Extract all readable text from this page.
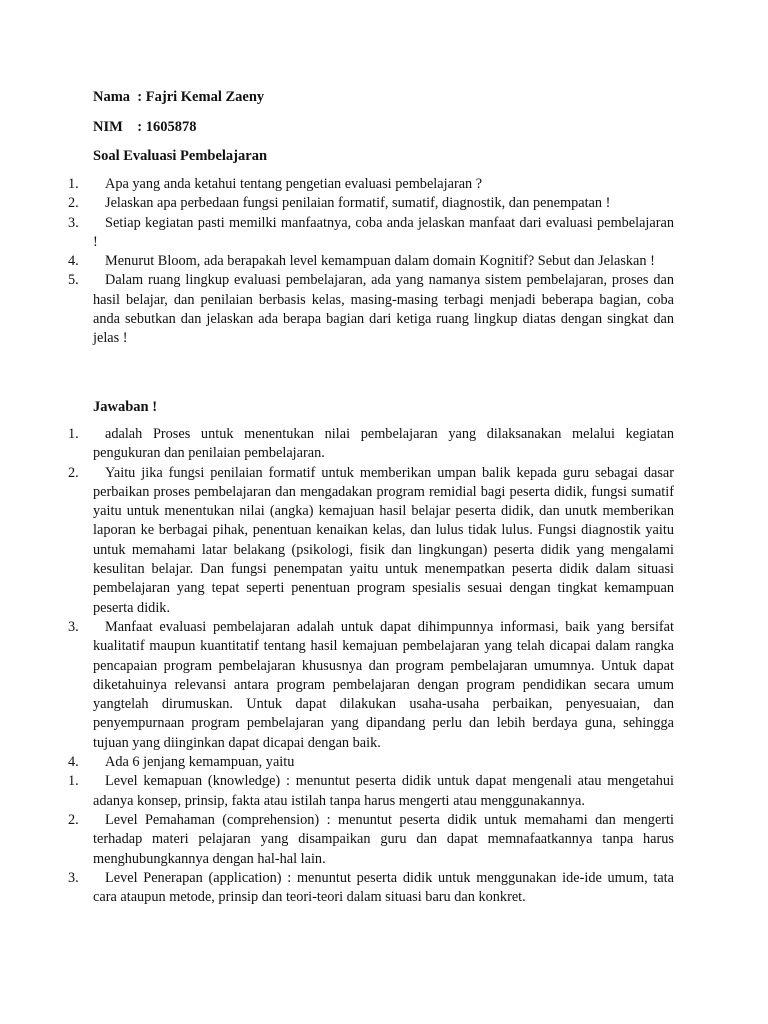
Nama  : Fajri Kemal Zaeny
NIM    : 1605878
Soal Evaluasi Pembelajaran
1.	Apa yang anda ketahui tentang pengetian evaluasi pembelajaran ?
2.	Jelaskan apa perbedaan fungsi penilaian formatif, sumatif, diagnostik, dan penempatan !
3.	Setiap kegiatan pasti memilki manfaatnya, coba anda jelaskan manfaat dari evaluasi pembelajaran !
4.	Menurut Bloom, ada berapakah level kemampuan dalam domain Kognitif? Sebut dan Jelaskan !
5.	Dalam ruang lingkup evaluasi pembelajaran, ada yang namanya sistem pembelajaran, proses dan hasil belajar, dan penilaian berbasis kelas, masing-masing terbagi menjadi beberapa bagian, coba anda sebutkan dan jelaskan ada berapa bagian dari ketiga ruang lingkup diatas dengan singkat dan jelas !
Jawaban !
1.	adalah Proses untuk menentukan nilai pembelajaran yang dilaksanakan melalui kegiatan pengukuran dan penilaian pembelajaran.
2.	Yaitu jika fungsi penilaian formatif untuk memberikan umpan balik kepada guru sebagai dasar perbaikan proses pembelajaran dan mengadakan program remidial bagi peserta didik, fungsi sumatif yaitu untuk menentukan nilai (angka) kemajuan hasil belajar peserta didik, dan unutk memberikan laporan ke berbagai pihak, penentuan kenaikan kelas, dan lulus tidak lulus. Fungsi diagnostik yaitu untuk memahami latar belakang (psikologi, fisik dan lingkungan) peserta didik yang mengalami kesulitan belajar. Dan fungsi penempatan yaitu untuk menempatkan peserta didik dalam situasi pembelajaran yang tepat seperti penentuan program spesialis sesuai dengan tingkat kemampuan peserta didik.
3.	Manfaat evaluasi pembelajaran adalah untuk dapat dihimpunnya informasi, baik yang bersifat kualitatif maupun kuantitatif tentang hasil kemajuan pembelajaran yang telah dicapai dalam rangka pencapaian program pembelajaran khususnya dan program pembelajaran umumnya. Untuk dapat diketahuinya relevansi antara program pembelajaran dengan program pendidikan secara umum yangtelah dirumuskan. Untuk dapat dilakukan usaha-usaha perbaikan, penyesuaian, dan penyempurnaan program pembelajaran yang dipandang perlu dan lebih berdaya guna, sehingga tujuan yang diinginkan dapat dicapai dengan baik.
4.	Ada 6 jenjang kemampuan, yaitu
1.	Level kemapuan (knowledge) : menuntut peserta didik untuk dapat mengenali atau mengetahui adanya konsep, prinsip, fakta atau istilah tanpa harus mengerti atau menggunakannya.
2.	Level Pemahaman (comprehension) : menuntut peserta didik untuk memahami dan mengerti terhadap materi pelajaran yang disampaikan guru dan dapat memnafaatkannya tanpa harus menghubungkannya dengan hal-hal lain.
3.	Level Penerapan (application) : menuntut peserta didik untuk menggunakan ide-ide umum, tata cara ataupun metode, prinsip dan teori-teori dalam situasi baru dan konkret.
